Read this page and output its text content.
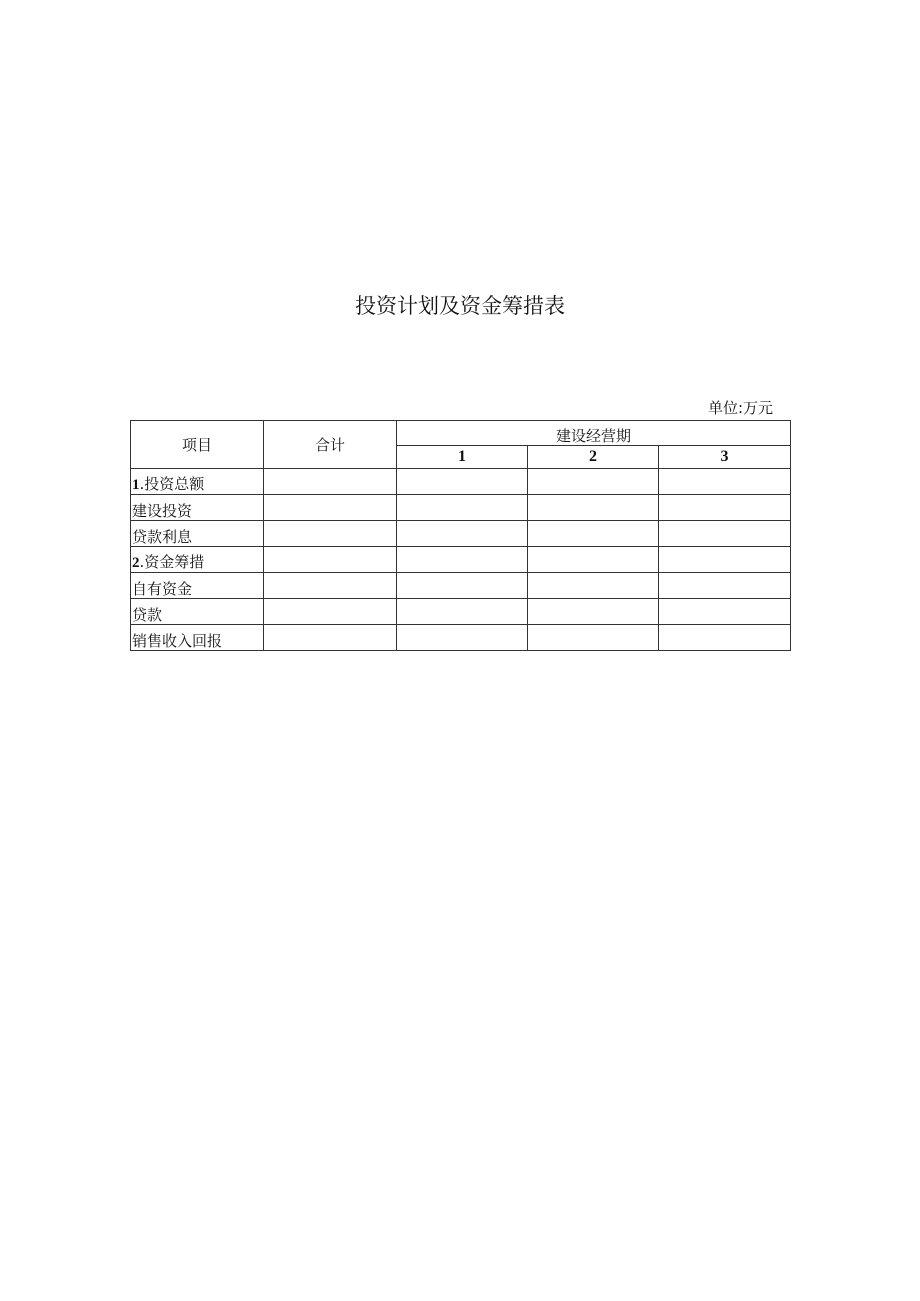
投资计划及资金筹措表
单位:万元
项目	合计	建设经营期		
		1	2	3
1.投资总额				
建设投资				
贷款利息				
2.资金筹措				
自有资金				
贷款				
销售收入回报				
